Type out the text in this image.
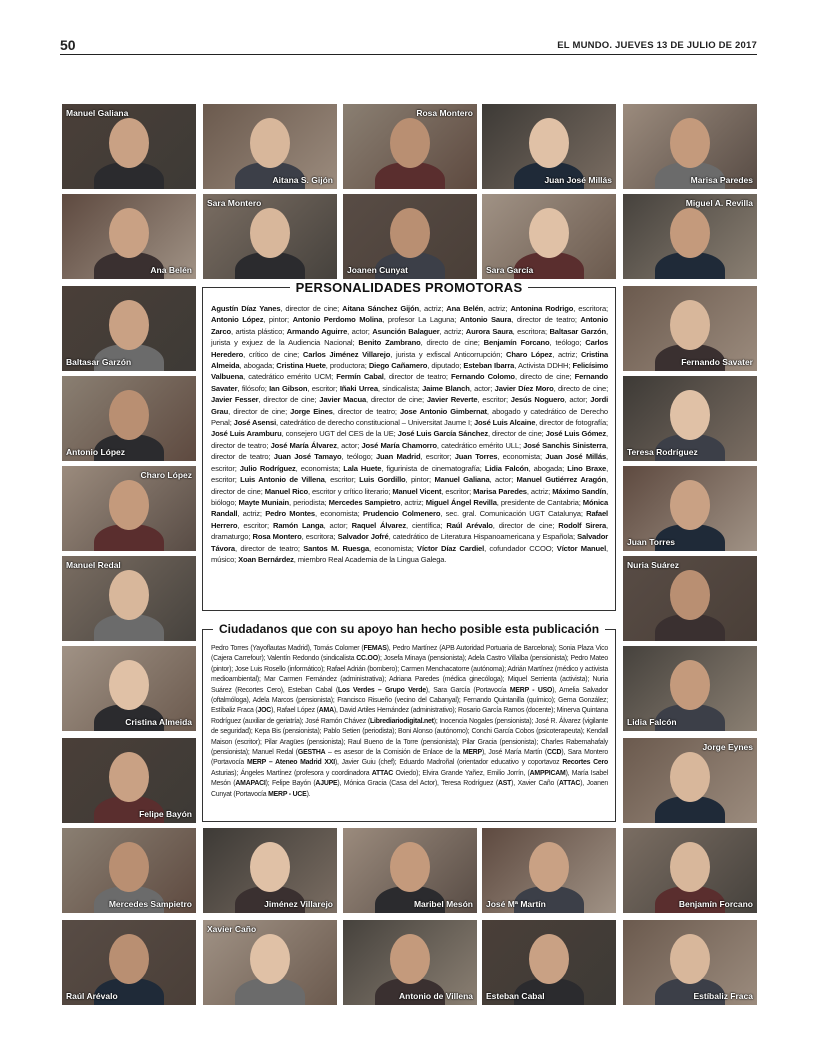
50	EL MUNDO. JUEVES 13 DE JULIO DE 2017
Manuel Galiana
Aitana S. Gijón
Rosa Montero
Juan José Millás	Marisa Paredes
Ana Belén
Sara Montero
Joanen Cunyat	Sara García
Miguel A. Revilla
Baltasar Garzón	Fernando Savater
Antonio López	Teresa Rodríguez
Charo López
Juan Torres
Manuel Redal	Nuria Suárez
Cristina Almeida	Lidia Falcón
Felipe Bayón
Jorge Eynes
Mercedes Sampietro	Jiménez Villarejo	Maribel Mesón José Mª Martín	Benjamín Forcano
Raúl Arévalo
Xavier Caño
Antonio de Villena Esteban Cabal	Estíbaliz Fraca
PERSONALIDADES PROMOTORAS
Agustín Díaz Yanes, director de cine; Aitana Sánchez Gijón, actriz; Ana Belén, actriz; Antonina Rodrigo, escritora; Antonio López, pintor; Antonio Perdomo Molina, profesor La Laguna; Antonio Saura, director de teatro; Antonio Zarco, artista plástico; Armando Aguirre, actor; Asunción Balaguer, actriz; Aurora Saura, escritora; Baltasar Garzón, jurista y exjuez de la Audiencia Nacional; Benito Zambrano, directo de cine; Benjamín Forcano, teólogo; Carlos Heredero, crítico de cine; Carlos Jiménez Villarejo, jurista y exfiscal Anticorrupción; Charo López, actriz; Cristina Almeida, abogada; Cristina Huete, productora; Diego Cañamero, diputado; Esteban Ibarra, Activista DDHH; Felicísimo Valbuena, catedrático emérito UCM; Fermín Cabal, director de teatro; Fernando Colomo, directo de cine; Fernando Savater, filósofo; Ian Gibson, escritor; Iñaki Urrea, sindicalista; Jaime Blanch, actor; Javier Díez Moro, directo de cine; Javier Fesser, director de cine; Javier Macua, director de cine; Javier Reverte, escritor; Jesús Noguero, actor; Jordi Grau, director de cine; Jorge Eines, director de teatro; Jose Antonio Gimbernat, abogado y catedrático de Derecho Penal; José Asensi, catedrático de derecho constitucional – Universitat Jaume I; José Luis Alcaine, director de fotografía; José Luis Aramburu, consejero UGT del CES de la UE; José Luis García Sánchez, director de cine; José Luis Gómez, director de teatro; José María Álvarez, actor; José María Chamorro, catedrático emérito ULL; José Sanchis Sinisterra, director de teatro; Juan José Tamayo, teólogo; Juan Madrid, escritor; Juan Torres, economista; Juan José Millás, escritor; Julio Rodríguez, economista; Lala Huete, figurinista de cinematografía; Lidia Falcón, abogada; Lino Braxe, escritor; Luis Antonio de Villena, escritor; Luis Gordillo, pintor; Manuel Galiana, actor; Manuel Gutiérrez Aragón, director de cine; Manuel Rico, escritor y crítico literario; Manuel Vicent, escritor; Marisa Paredes, actriz; Máximo Sandín, biólogo; Mayte Muniain, periodista; Mercedes Sampietro, actriz; Miguel Ángel Revilla, presidente de Cantabria; Mónica Randall, actriz; Pedro Montes, economista; Prudencio Colmenero, sec. gral. Comunicación UGT Catalunya; Rafael Herrero, escritor; Ramón Langa, actor; Raquel Álvarez, científica; Raúl Arévalo, director de cine; Rodolf Sirera, dramaturgo; Rosa Montero, escritora; Salvador Jofré, catedrático de Literatura Hispanoamericana y Española; Salvador Távora, director de teatro; Santos M. Ruesga, economista; Víctor Díaz Cardiel, cofundador CCOO; Víctor Manuel, músico; Xoan Bernárdez, miembro Real Academia de la Lingua Galega.
Ciudadanos que con su apoyo han hecho posible esta publicación
Pedro Torres (Yayoflautas Madrid), Tomás Colomer (FEMAS), Pedro Martínez (APB Autoridad Portuaria de Barcelona); Sonia Plaza Vico (Cajera Carrefour); Valentín Redondo (sindicalista CC.OO); Josefa Minaya (pensionista); Adela Castro Villalba (pensionista); Pedro Mateo (pintor); Jose Luis Rosello (informático); Rafael Adrián (bombero); Carmen Menchacatorre (autónoma); Adrián Martínez (médico y activista medioambiental); Mar Carmen Fernández (administrativa); Adriana Paredes (médica ginecóloga); Miquel Serrienta (activista); Nuria Suárez (Recortes Cero), Esteban Cabal (Los Verdes – Grupo Verde), Sara García (Portavocía MERP - USO), Amelia Salvador (oftalmóloga), Adela Marcos (pensionista); Francisco Risueño (vecino del Cabanyal); Fernando Quintanilla (químico); Gema González; Estíbaliz Fraca (JOC), Rafael López (AMA), David Artiles Hernández (administrativo); Rosario García Ramos (docente); Minerva Quintana Rodríguez (auxiliar de geriatría); José Ramón Chávez (Librediariodigital.net); Inocencia Nogales (pensionista); José R. Álvarez (vigilante de seguridad); Kepa Bis (pensionista); Pablo Setien (periodista); Boni Alonso (autónomo); Conchi García Cobos (psicoterapeuta); Kendall Maison (escritor); Pilar Aragües (pensionista); Raul Bueno de la Torre (pensionista); Pilar Gracia (pensionista); Charles Rabemahafaly (pensionista); Manuel Redal (GESTHA – es asesor de la Comisión de Enlace de la MERP), José María Martín (CCD), Sara Montero (Portavocía MERP – Ateneo Madrid XXI), Javier Guiu (chef); Eduardo Madroñal (orientador educativo y coportavoz Recortes Cero Asturias); Ángeles Martínez (profesora y coordinadora ATTAC Oviedo); Elvira Grande Yañez, Emilio Jorrín, (AMPPICAM), María Isabel Mesón (AMAPACI); Felipe Bayón (AJUPE), Mónica Gracia (Casa del Actor), Teresa Rodríguez (AST), Xavier Caño (ATTAC), Joanen Cunyat (Portavocía MERP - UCE).
